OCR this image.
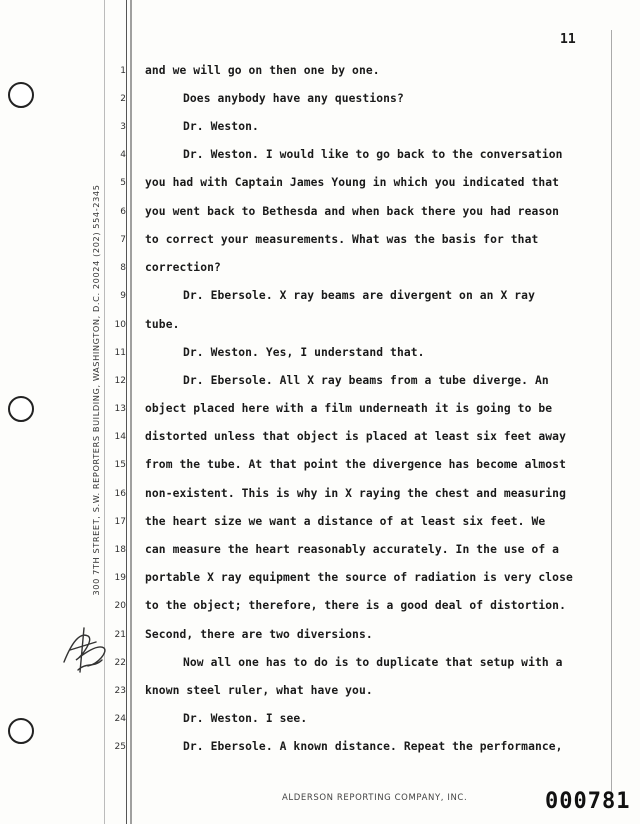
300 7TH STREET, S.W. REPORTERS BUILDING, WASHINGTON, D.C. 20024 (202) 554-2345
11
1
2
3
4
5
6
7
8
9
10
11
12
13
14
15
16
17
18
19
20
21
22
23
24
25
and we will go on then one by one.
Does anybody have any questions?
Dr. Weston.
Dr. Weston. I would like to go back to the conversation
you had with Captain James Young in which you indicated that
you went back to Bethesda and when back there you had reason
to correct your measurements. What was the basis for that
correction?
Dr. Ebersole. X ray beams are divergent on an X ray
tube.
Dr. Weston. Yes, I understand that.
Dr. Ebersole. All X ray beams from a tube diverge. An
object placed here with a film underneath it is going to be
distorted unless that object is placed at least six feet away
from the tube. At that point the divergence has become almost
non-existent. This is why in X raying the chest and measuring
the heart size we want a distance of at least six feet. We
can measure the heart reasonably accurately. In the use of a
portable X ray equipment the source of radiation is very close
to the object; therefore, there is a good deal of distortion.
Second, there are two diversions.
Now all one has to do is to duplicate that setup with a
known steel ruler, what have you.
Dr. Weston. I see.
Dr. Ebersole. A known distance. Repeat the performance,
ALDERSON REPORTING COMPANY, INC.	000781
